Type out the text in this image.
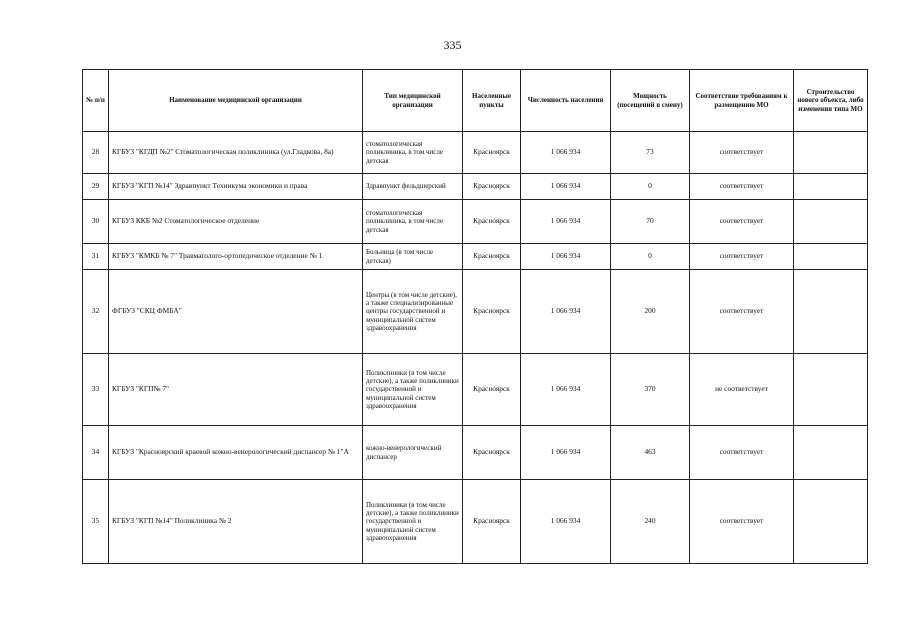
335
№ п/п	Наименование медицинской организации	Тип медицинской организации	Населенные пункты	Численность населения	Мощность (посещений в смену)	Соответствие требованиям к размещению МО	Строительство нового объекта, либо изменения типа МО
28	КГБУЗ "КГДП №2" Стоматологическая поликлиника (ул.Гладкова, 8а)	стоматологическая поликлиника, в том числе детская	Красноярск	1 066 934	73	соответствует	
29	КГБУЗ "КГП №14" Здравпункт Техникума экономики и права	Здравпункт фельдшерский	Красноярск	1 066 934	0	соответствует	
30	КГБУЗ ККБ №2 Стоматологическое отделение	стоматологическая поликлиника, в том числе детская	Красноярск	1 066 934	70	соответствует	
31	КГБУЗ "КМКБ № 7" Травматолого-ортопедическое отделение № 1	Больница (в том числе детская)	Красноярск	1 066 934	0	соответствует	
32	ФГБУЗ "СКЦ ФМБА"	Центры (в том числе детские), а также специализированные центры государственной и муниципальной систем здравоохранения	Красноярск	1 066 934	200	соответствует	
33	КГБУЗ "КГП№ 7"	Поликлиники (в том числе детские), а также поликлиники государственной и муниципальной систем здравоохранения	Красноярск	1 066 934	370	не соответствует	
34	КГБУЗ "Красноярский краевой кожно-венерологический диспансер № 1"А	кожно-венерологический диспансер	Красноярск	1 066 934	463	соответствует	
35	КГБУЗ "КГП №14" Поликлиника № 2	Поликлиники (в том числе детские), а также поликлиники государственной и муниципальной систем здравоохранения	Красноярск	1 066 934	240	соответствует	
